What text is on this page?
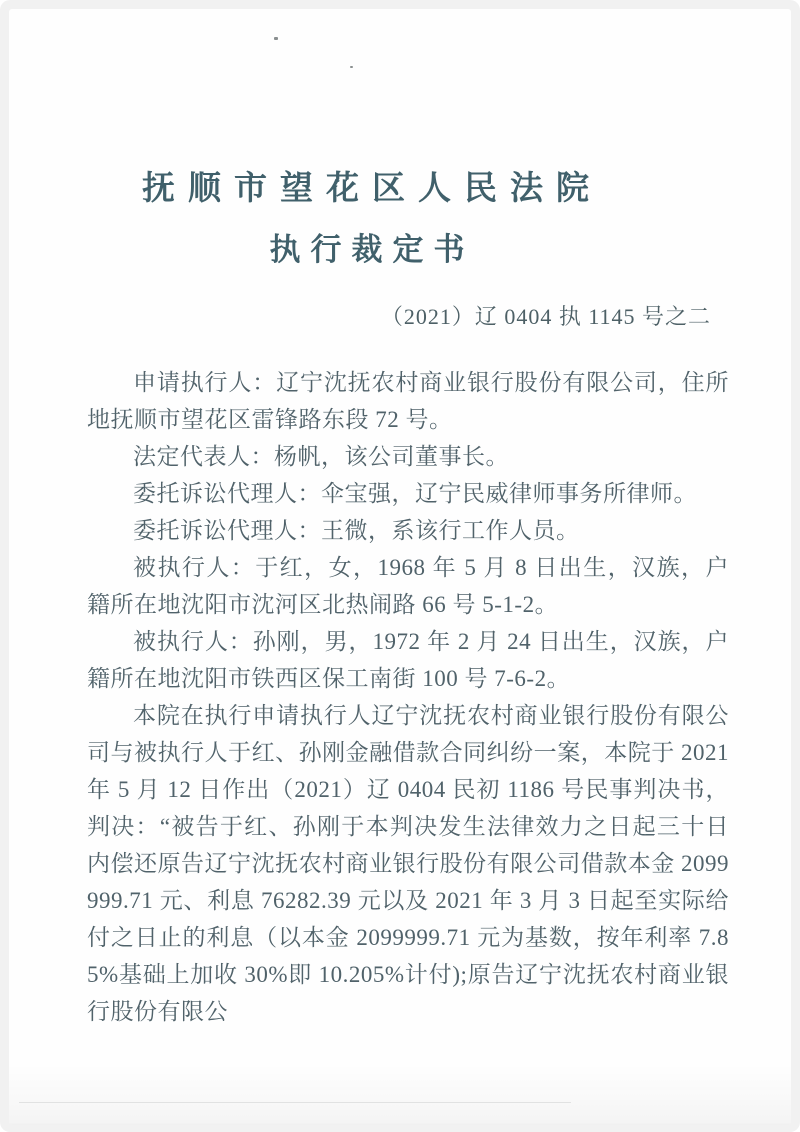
抚顺市望花区人民法院
执行裁定书
（2021）辽 0404 执 1145 号之二

申请执行人：辽宁沈抚农村商业银行股份有限公司，住所地抚顺市望花区雷锋路东段 72 号。

法定代表人：杨帆，该公司董事长。

委托诉讼代理人：伞宝强，辽宁民威律师事务所律师。

委托诉讼代理人：王微，系该行工作人员。

被执行人：于红，女，1968 年 5 月 8 日出生，汉族，户籍所在地沈阳市沈河区北热闹路 66 号 5-1-2。

被执行人：孙刚，男，1972 年 2 月 24 日出生，汉族，户籍所在地沈阳市铁西区保工南街 100 号 7-6-2。

本院在执行申请执行人辽宁沈抚农村商业银行股份有限公司与被执行人于红、孙刚金融借款合同纠纷一案，本院于 2021 年 5 月 12 日作出（2021）辽 0404 民初 1186 号民事判决书，判决：“被告于红、孙刚于本判决发生法律效力之日起三十日内偿还原告辽宁沈抚农村商业银行股份有限公司借款本金 2099999.71 元、利息 76282.39 元以及 2021 年 3 月 3 日起至实际给付之日止的利息（以本金 2099999.71 元为基数，按年利率 7.85%基础上加收 30%即 10.205%计付);原告辽宁沈抚农村商业银行股份有限公
